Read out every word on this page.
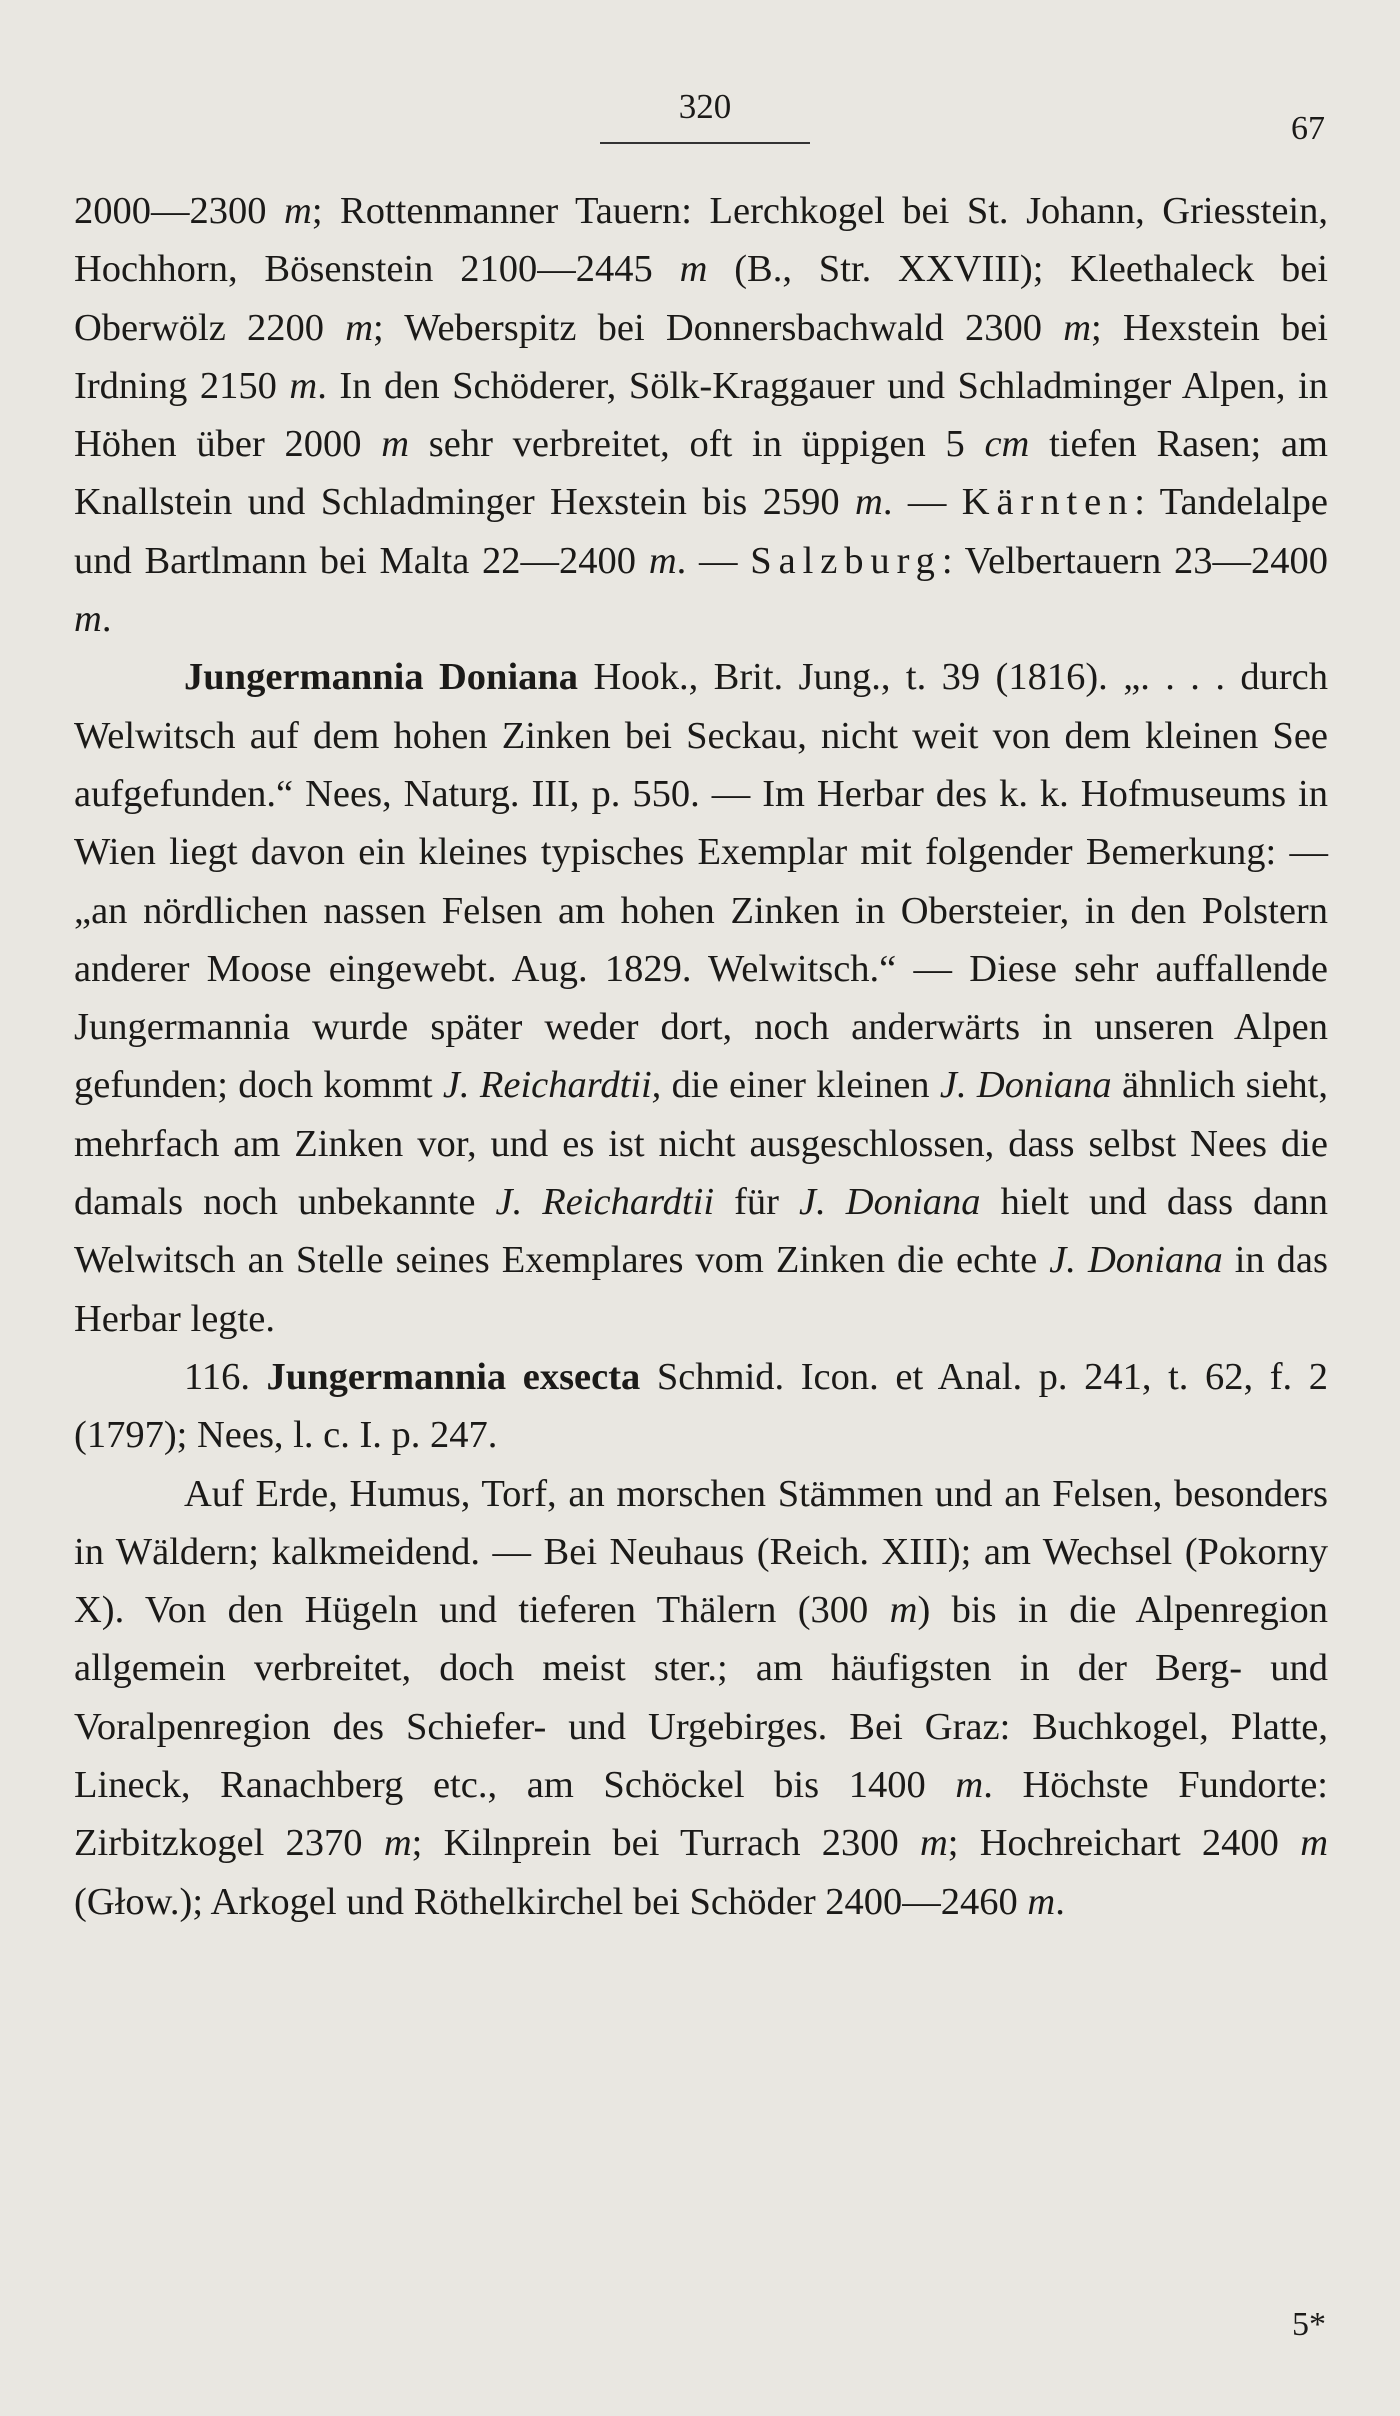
320
67

2000—2300 m; Rottenmanner Tauern: Lerchkogel bei St. Johann, Griesstein, Hochhorn, Bösenstein 2100—2445 m (B., Str. XXVIII); Kleethaleck bei Oberwölz 2200 m; Weberspitz bei Donnersbachwald 2300 m; Hexstein bei Irdning 2150 m. In den Schöderer, Sölk-Kraggauer und Schladminger Alpen, in Höhen über 2000 m sehr verbreitet, oft in üppigen 5 cm tiefen Rasen; am Knallstein und Schladminger Hexstein bis 2590 m. — Kärnten: Tandelalpe und Bartlmann bei Malta 22—2400 m. — Salzburg: Velbertauern 23—2400 m.

Jungermannia Doniana Hook., Brit. Jung., t. 39 (1816). „. . . . durch Welwitsch auf dem hohen Zinken bei Seckau, nicht weit von dem kleinen See aufgefunden.“ Nees, Naturg. III, p. 550. — Im Herbar des k. k. Hofmuseums in Wien liegt davon ein kleines typisches Exemplar mit folgender Bemerkung: — „an nördlichen nassen Felsen am hohen Zinken in Obersteier, in den Polstern anderer Moose eingewebt. Aug. 1829. Welwitsch.“ — Diese sehr auffallende Jungermannia wurde später weder dort, noch anderwärts in unseren Alpen gefunden; doch kommt J. Reichardtii, die einer kleinen J. Doniana ähnlich sieht, mehrfach am Zinken vor, und es ist nicht ausgeschlossen, dass selbst Nees die damals noch unbekannte J. Reichardtii für J. Doniana hielt und dass dann Welwitsch an Stelle seines Exemplares vom Zinken die echte J. Doniana in das Herbar legte.

116. Jungermannia exsecta Schmid. Icon. et Anal. p. 241, t. 62, f. 2 (1797); Nees, l. c. I. p. 247.

Auf Erde, Humus, Torf, an morschen Stämmen und an Felsen, besonders in Wäldern; kalkmeidend. — Bei Neuhaus (Reich. XIII); am Wechsel (Pokorny X). Von den Hügeln und tieferen Thälern (300 m) bis in die Alpenregion allgemein verbreitet, doch meist ster.; am häufigsten in der Berg- und Voralpenregion des Schiefer- und Urgebirges. Bei Graz: Buchkogel, Platte, Lineck, Ranachberg etc., am Schöckel bis 1400 m. Höchste Fundorte: Zirbitzkogel 2370 m; Kilnprein bei Turrach 2300 m; Hochreichart 2400 m (Głow.); Arkogel und Röthelkirchel bei Schöder 2400—2460 m.

5*
